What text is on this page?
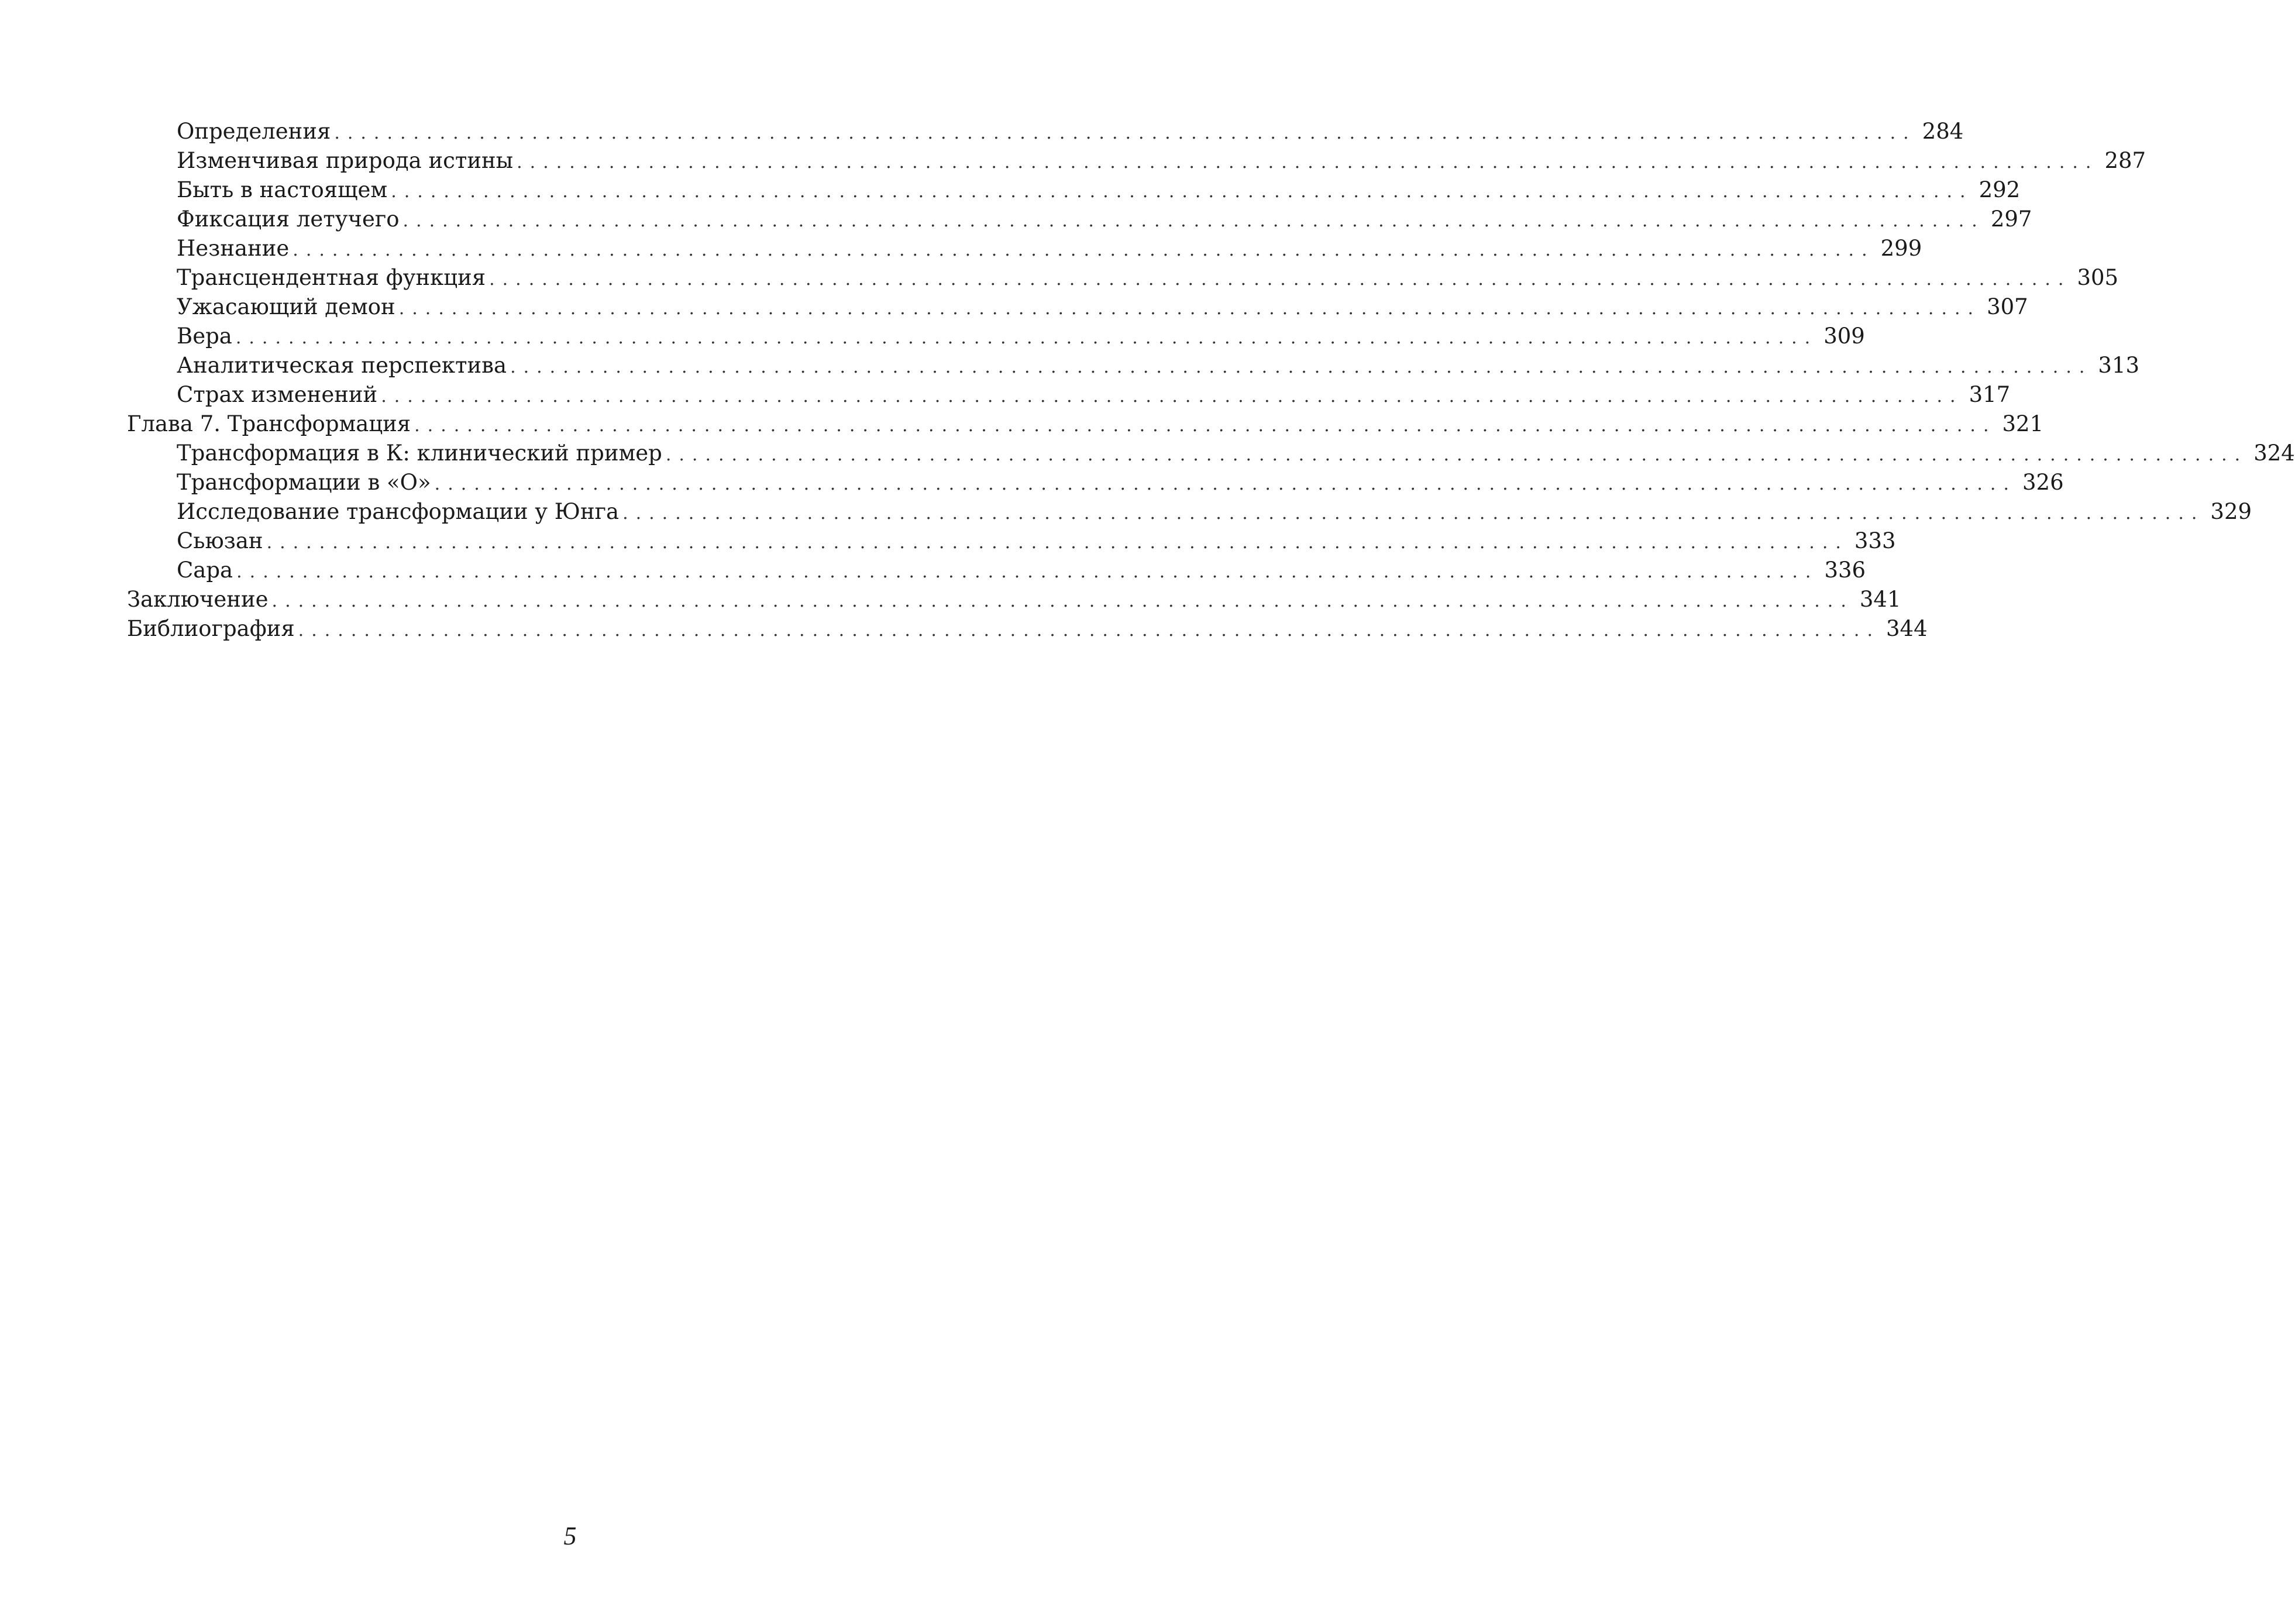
Определения ........................................................................................................................ 284
Изменчивая природа истины ........................................................................................................................ 287
Быть в настоящем ........................................................................................................................ 292
Фиксация летучего ........................................................................................................................ 297
Незнание ........................................................................................................................ 299
Трансцендентная функция ........................................................................................................................ 305
Ужасающий демон ........................................................................................................................ 307
Вера ........................................................................................................................ 309
Аналитическая перспектива ........................................................................................................................ 313
Страх изменений ........................................................................................................................ 317
Глава 7. Трансформация ........................................................................................................................ 321
Трансформация в К: клинический пример ........................................................................................................................ 324
Трансформации в «О» ........................................................................................................................ 326
Исследование трансформации у Юнга ........................................................................................................................ 329
Сьюзан ........................................................................................................................ 333
Сара ........................................................................................................................ 336
Заключение ........................................................................................................................ 341
Библиография ........................................................................................................................ 344
5
